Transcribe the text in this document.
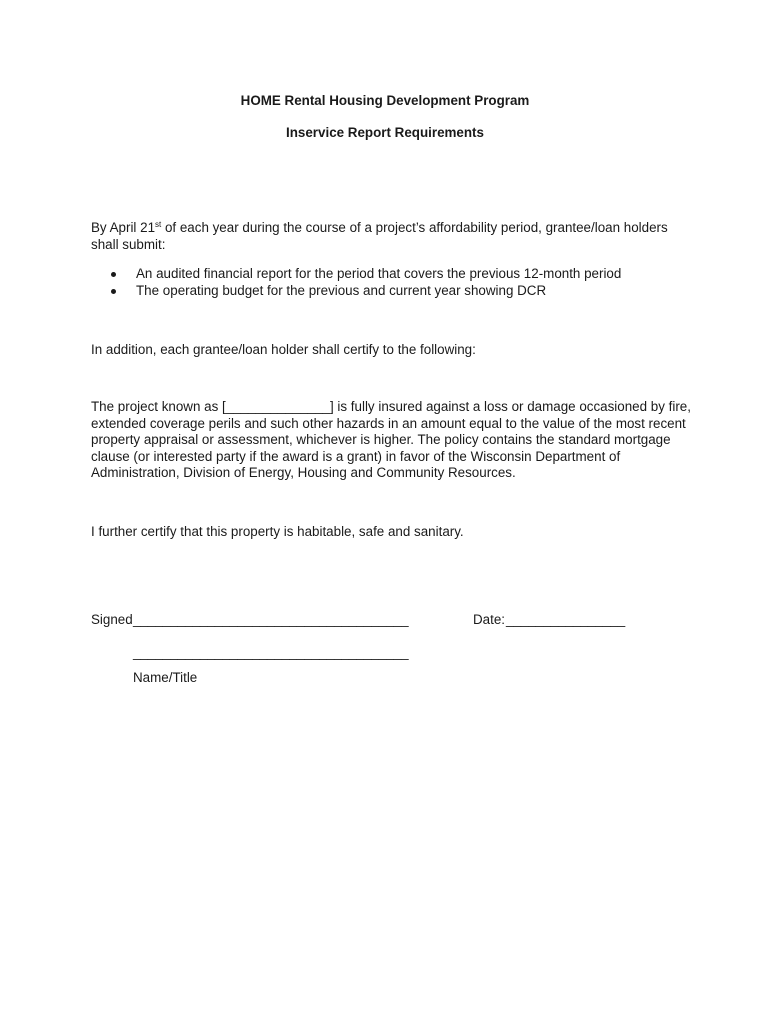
HOME Rental Housing Development Program
Inservice Report Requirements

By April 21st of each year during the course of a project’s affordability period, grantee/loan holders shall submit:

An audited financial report for the period that covers the previous 12-month period
The operating budget for the previous and current year showing DCR

In addition, each grantee/loan holder shall certify to the following:

The project known as [______________] is fully insured against a loss or damage occasioned by fire, extended coverage perils and such other hazards in an amount equal to the value of the most recent property appraisal or assessment, whichever is higher. The policy contains the standard mortgage clause (or interested party if the award is a grant) in favor of the Wisconsin Department of Administration, Division of Energy, Housing and Community Resources.

I further certify that this property is habitable, safe and sanitary.

Signed _____________________________________	Date: ________________
_____________________________________
Name/Title
